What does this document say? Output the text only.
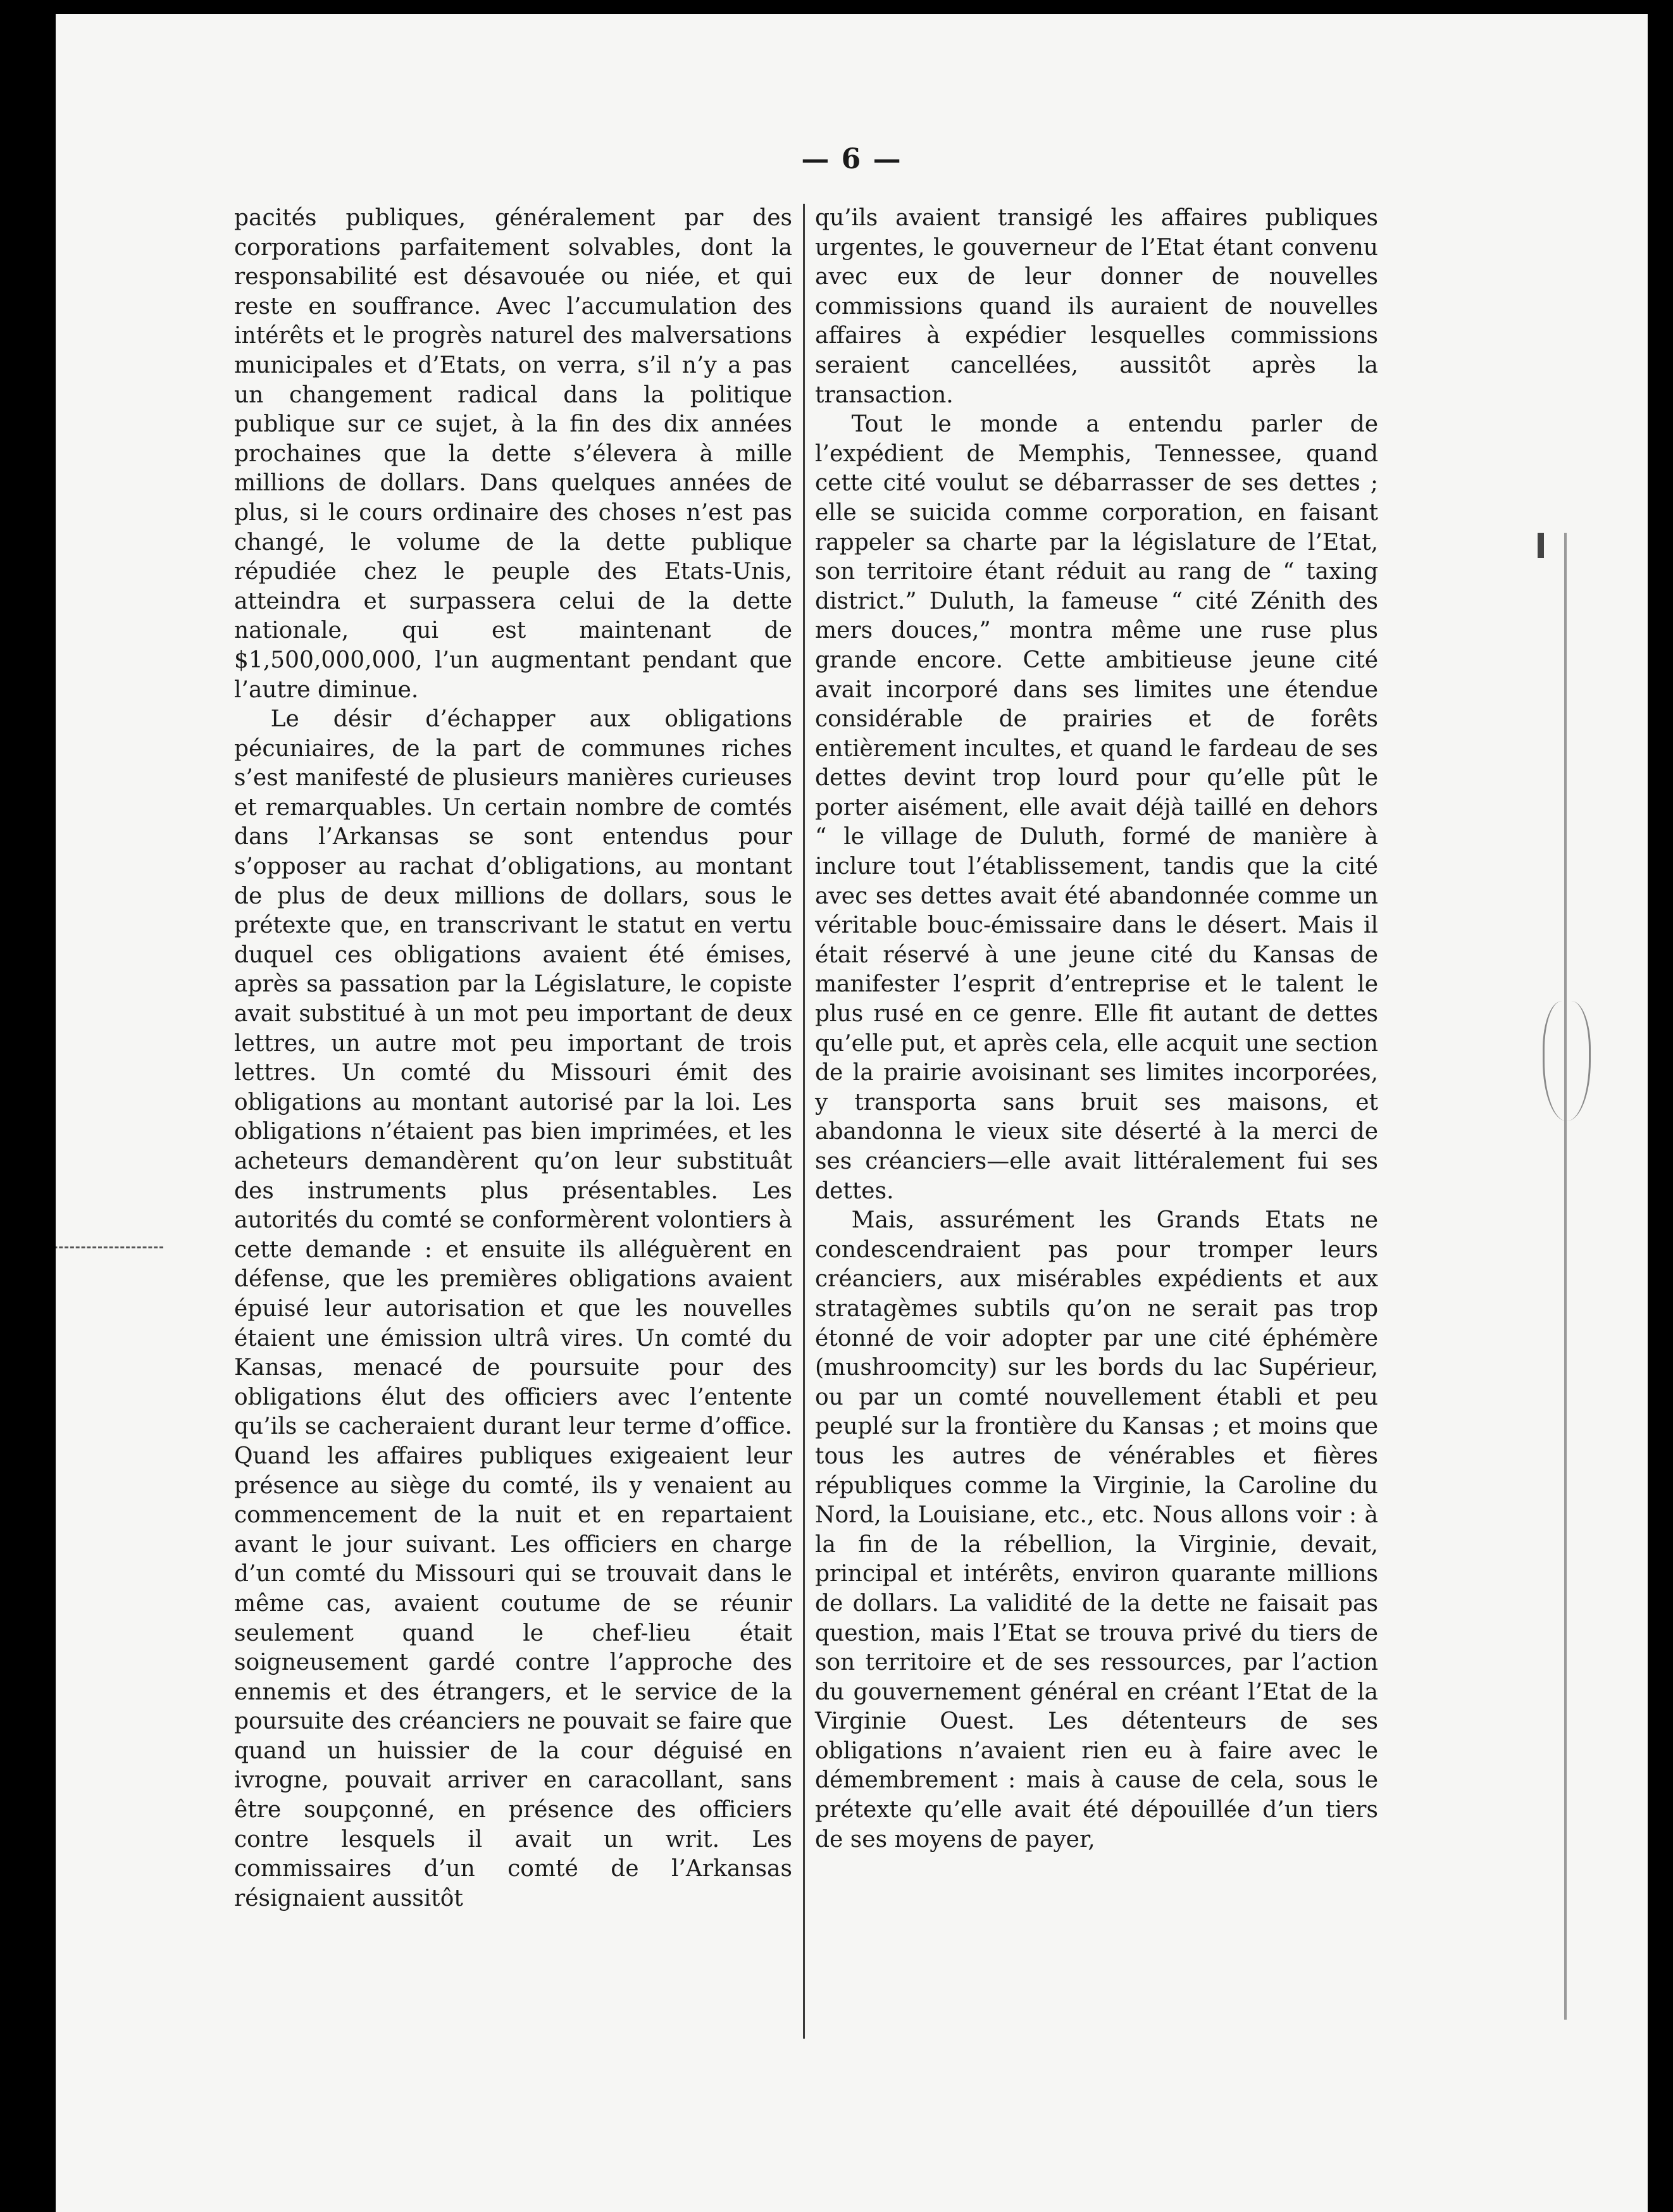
— 6 —

pacités publiques, généralement par des corporations parfaitement solvables, dont la responsabilité est désavouée ou niée, et qui reste en souffrance. Avec l’accumulation des intérêts et le progrès naturel des malversations municipales et d’Etats, on verra, s’il n’y a pas un changement radical dans la politique publique sur ce sujet, à la fin des dix années prochaines que la dette s’élevera à mille millions de dollars. Dans quelques années de plus, si le cours ordinaire des choses n’est pas changé, le volume de la dette publique répudiée chez le peuple des Etats-Unis, atteindra et surpassera celui de la dette nationale, qui est maintenant de $1,500,000,000, l’un augmentant pendant que l’autre diminue.

Le désir d’échapper aux obligations pécuniaires, de la part de communes riches s’est manifesté de plusieurs manières curieuses et remarquables. Un certain nombre de comtés dans l’Arkansas se sont entendus pour s’opposer au rachat d’obligations, au montant de plus de deux millions de dollars, sous le prétexte que, en transcrivant le statut en vertu duquel ces obligations avaient été émises, après sa passation par la Législature, le copiste avait substitué à un mot peu important de deux lettres, un autre mot peu important de trois lettres. Un comté du Missouri émit des obligations au montant autorisé par la loi. Les obligations n’étaient pas bien imprimées, et les acheteurs demandèrent qu’on leur substituât des instruments plus présentables. Les autorités du comté se conformèrent volontiers à cette demande : et ensuite ils alléguèrent en défense, que les premières obligations avaient épuisé leur autorisation et que les nouvelles étaient une émission ultrâ vires. Un comté du Kansas, menacé de poursuite pour des obligations élut des officiers avec l’entente qu’ils se cacheraient durant leur terme d’office. Quand les affaires publiques exigeaient leur présence au siège du comté, ils y venaient au commencement de la nuit et en repartaient avant le jour suivant. Les officiers en charge d’un comté du Missouri qui se trouvait dans le même cas, avaient coutume de se réunir seulement quand le chef-lieu était soigneusement gardé contre l’approche des ennemis et des étrangers, et le service de la poursuite des créanciers ne pouvait se faire que quand un huissier de la cour déguisé en ivrogne, pouvait arriver en caracollant, sans être soupçonné, en présence des officiers contre lesquels il avait un writ. Les commissaires d’un comté de l’Arkansas résignaient aussitôt

qu’ils avaient transigé les affaires publiques urgentes, le gouverneur de l’Etat étant convenu avec eux de leur donner de nouvelles commissions quand ils auraient de nouvelles affaires à expédier lesquelles commissions seraient cancellées, aussitôt après la transaction.

Tout le monde a entendu parler de l’expédient de Memphis, Tennessee, quand cette cité voulut se débarrasser de ses dettes ; elle se suicida comme corporation, en faisant rappeler sa charte par la législature de l’Etat, son territoire étant réduit au rang de “ taxing district.” Duluth, la fameuse “ cité Zénith des mers douces,” montra même une ruse plus grande encore. Cette ambitieuse jeune cité avait incorporé dans ses limites une étendue considérable de prairies et de forêts entièrement incultes, et quand le fardeau de ses dettes devint trop lourd pour qu’elle pût le porter aisément, elle avait déjà taillé en dehors “ le village de Duluth, formé de manière à inclure tout l’établissement, tandis que la cité avec ses dettes avait été abandonnée comme un véritable bouc-émissaire dans le désert. Mais il était réservé à une jeune cité du Kansas de manifester l’esprit d’entreprise et le talent le plus rusé en ce genre. Elle fit autant de dettes qu’elle put, et après cela, elle acquit une section de la prairie avoisinant ses limites incorporées, y transporta sans bruit ses maisons, et abandonna le vieux site déserté à la merci de ses créanciers—elle avait littéralement fui ses dettes.

Mais, assurément les Grands Etats ne condescendraient pas pour tromper leurs créanciers, aux misérables expédients et aux stratagèmes subtils qu’on ne serait pas trop étonné de voir adopter par une cité éphémère (mushroomcity) sur les bords du lac Supérieur, ou par un comté nouvellement établi et peu peuplé sur la frontière du Kansas ; et moins que tous les autres de vénérables et fières républiques comme la Virginie, la Caroline du Nord, la Louisiane, etc., etc. Nous allons voir : à la fin de la rébellion, la Virginie, devait, principal et intérêts, environ quarante millions de dollars. La validité de la dette ne faisait pas question, mais l’Etat se trouva privé du tiers de son territoire et de ses ressources, par l’action du gouvernement général en créant l’Etat de la Virginie Ouest. Les détenteurs de ses obligations n’avaient rien eu à faire avec le démembrement : mais à cause de cela, sous le prétexte qu’elle avait été dépouillée d’un tiers de ses moyens de payer,
